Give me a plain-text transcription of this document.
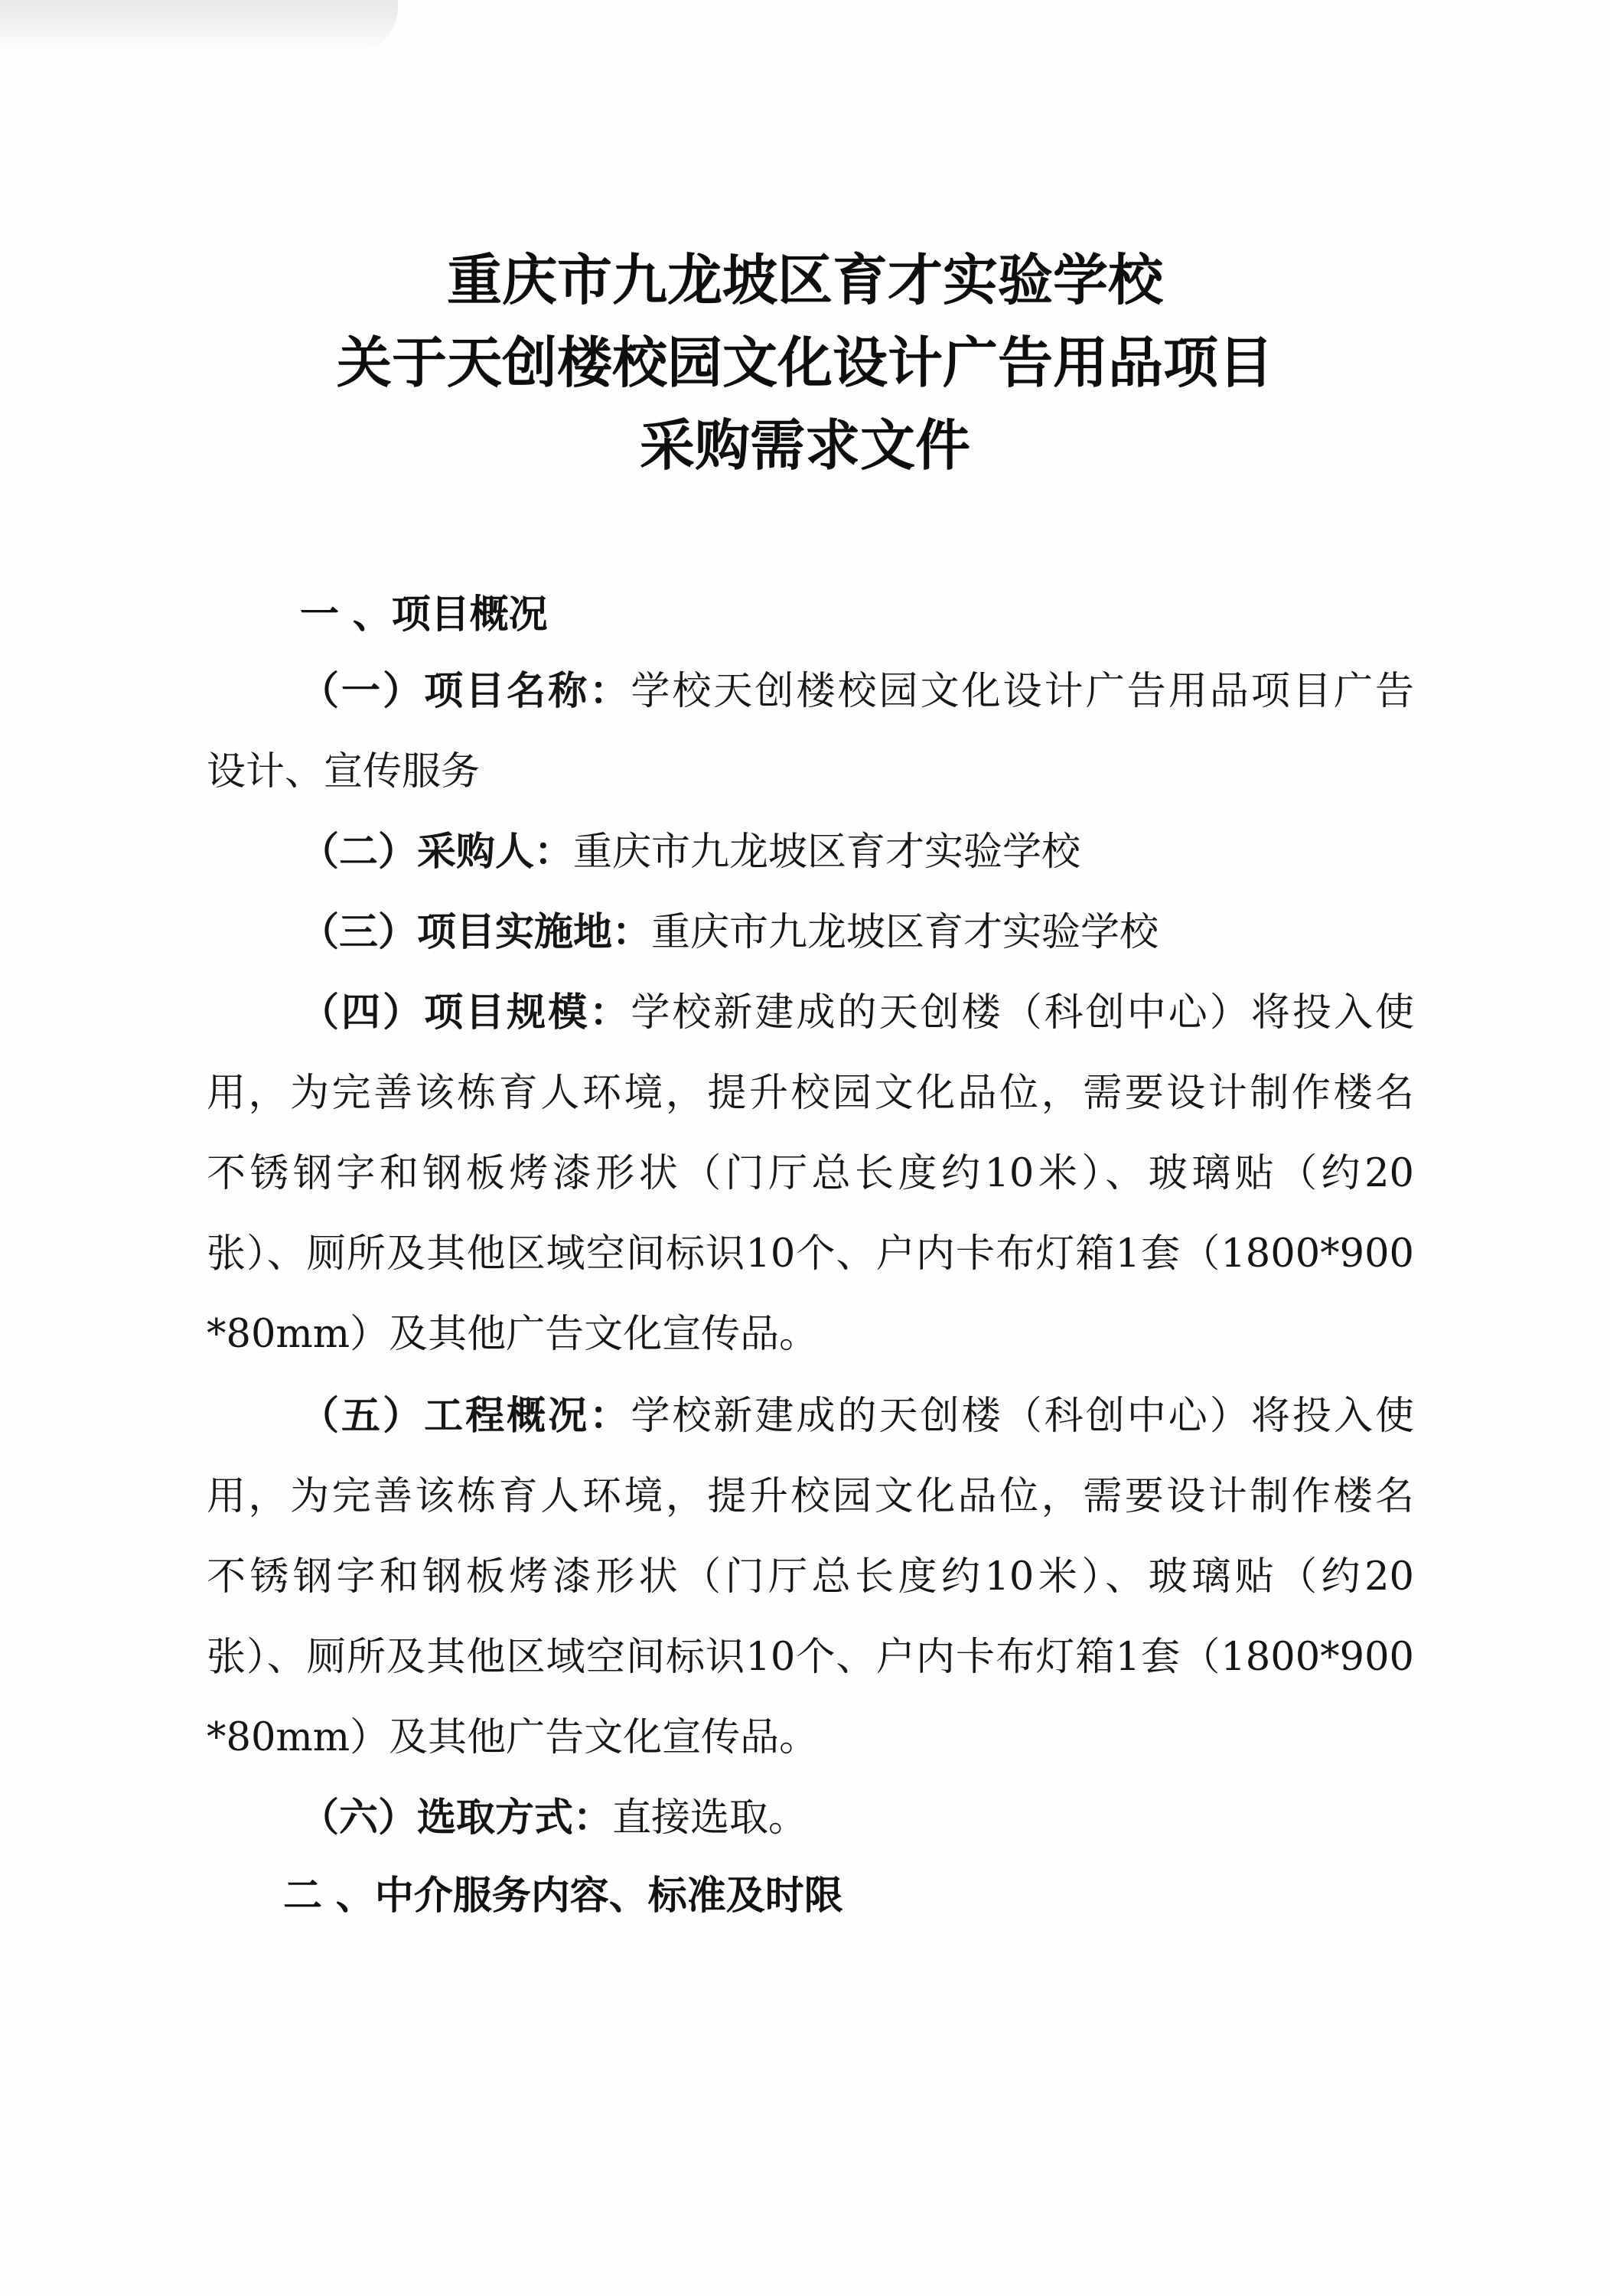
重庆市九龙坡区育才实验学校
关于天创楼校园文化设计广告用品项目
采购需求文件
一 、项目概况

（一）项目名称：学校天创楼校园文化设计广告用品项目广告

设计、宣传服务

（二）采购人：重庆市九龙坡区育才实验学校

（三）项目实施地：重庆市九龙坡区育才实验学校

（四）项目规模：学校新建成的天创楼（科创中心）将投入使

用，为完善该栋育人环境，提升校园文化品位，需要设计制作楼名

不锈钢字和钢板烤漆形状（门厅总长度约10米）、玻璃贴（约20

张）、厕所及其他区域空间标识10个、户内卡布灯箱1套（1800*900

*80mm）及其他广告文化宣传品。

（五）工程概况：学校新建成的天创楼（科创中心）将投入使

用，为完善该栋育人环境，提升校园文化品位，需要设计制作楼名

不锈钢字和钢板烤漆形状（门厅总长度约10米）、玻璃贴（约20

张）、厕所及其他区域空间标识10个、户内卡布灯箱1套（1800*900

*80mm）及其他广告文化宣传品。

（六）选取方式：直接选取。

二 、中介服务内容、标准及时限
